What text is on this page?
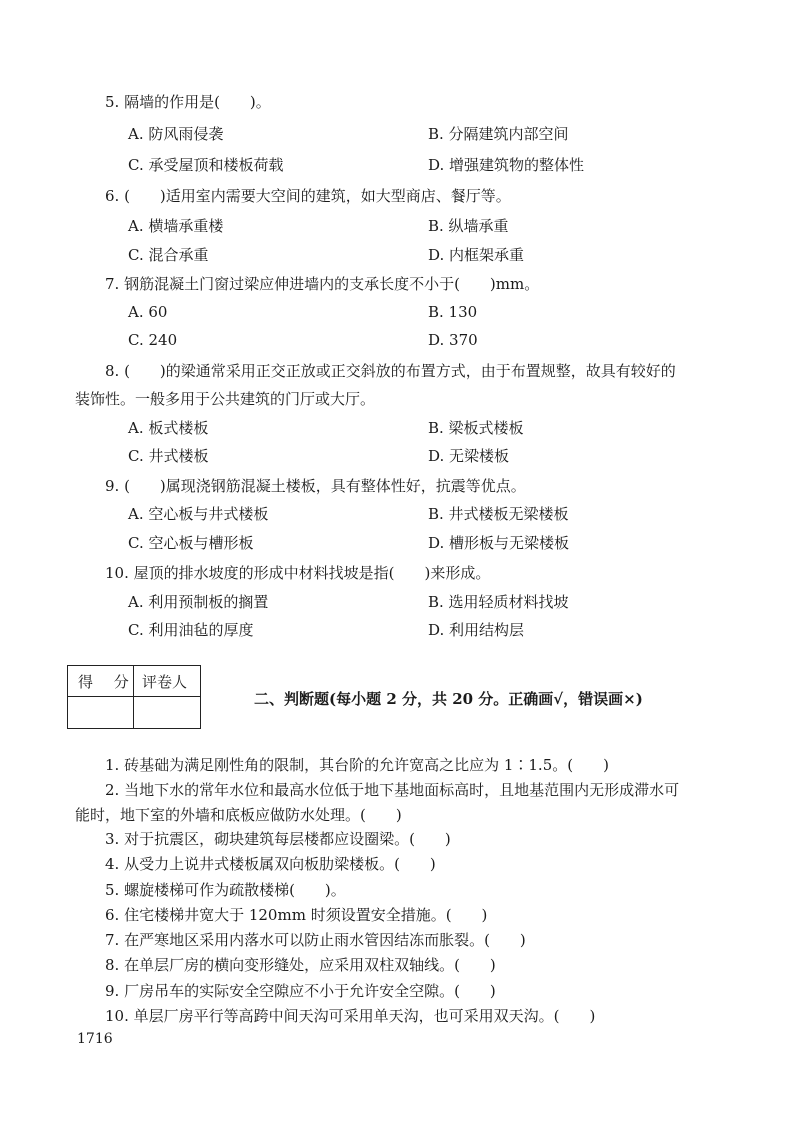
5. 隔墙的作用是(　　)。
A. 防风雨侵袭	B. 分隔建筑内部空间
C. 承受屋顶和楼板荷载	D. 增强建筑物的整体性
6. (　　)适用室内需要大空间的建筑，如大型商店、餐厅等。
A. 横墙承重楼	B. 纵墙承重
C. 混合承重	D. 内框架承重
7. 钢筋混凝土门窗过梁应伸进墙内的支承长度不小于(　　)mm。
A. 60	B. 130
C. 240	D. 370
8. (　　)的梁通常采用正交正放或正交斜放的布置方式，由于布置规整，故具有较好的
装饰性。一般多用于公共建筑的门厅或大厅。
A. 板式楼板	B. 梁板式楼板
C. 井式楼板	D. 无梁楼板
9. (　　)属现浇钢筋混凝土楼板，具有整体性好，抗震等优点。
A. 空心板与井式楼板	B. 井式楼板无梁楼板
C. 空心板与槽形板	D. 槽形板与无梁楼板
10. 屋顶的排水坡度的形成中材料找坡是指(　　)来形成。
A. 利用预制板的搁置	B. 选用轻质材料找坡
C. 利用油毡的厚度	D. 利用结构层
得 分 评卷人
二、判断题(每小题 2 分，共 20 分。正确画√，错误画×)
1. 砖基础为满足刚性角的限制，其台阶的允许宽高之比应为 1∶1.5。(　　)
2. 当地下水的常年水位和最高水位低于地下基地面标高时，且地基范围内无形成滞水可
能时，地下室的外墙和底板应做防水处理。(　　)
3. 对于抗震区，砌块建筑每层楼都应设圈梁。(　　)
4. 从受力上说井式楼板属双向板肋梁楼板。(　　)
5. 螺旋楼梯可作为疏散楼梯(　　)。
6. 住宅楼梯井宽大于 120mm 时须设置安全措施。(　　)
7. 在严寒地区采用内落水可以防止雨水管因结冻而胀裂。(　　)
8. 在单层厂房的横向变形缝处，应采用双柱双轴线。(　　)
9. 厂房吊车的实际安全空隙应不小于允许安全空隙。(　　)
10. 单层厂房平行等高跨中间天沟可采用单天沟，也可采用双天沟。(　　)
1716
